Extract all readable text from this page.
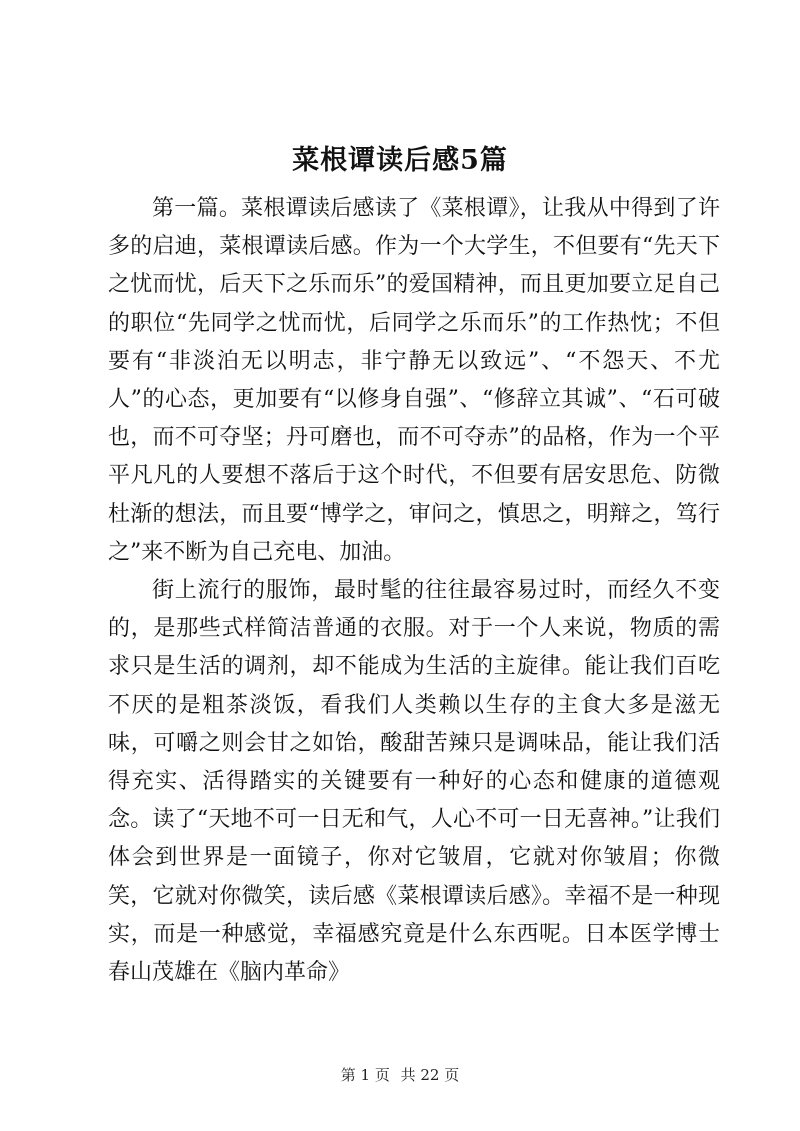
菜根谭读后感5篇

第一篇。菜根谭读后感读了《菜根谭》，让我从中得到了许多的启迪，菜根谭读后感。作为一个大学生，不但要有“先天下之忧而忧，后天下之乐而乐”的爱国精神，而且更加要立足自己的职位“先同学之忧而忧，后同学之乐而乐”的工作热忱；不但要有“非淡泊无以明志，非宁静无以致远”、“不怨天、不尤人”的心态，更加要有“以修身自强”、“修辞立其诚”、“石可破也，而不可夺坚；丹可磨也，而不可夺赤”的品格，作为一个平平凡凡的人要想不落后于这个时代，不但要有居安思危、防微杜渐的想法，而且要“博学之，审问之，慎思之，明辩之，笃行之”来不断为自己充电、加油。

街上流行的服饰，最时髦的往往最容易过时，而经久不变的，是那些式样简洁普通的衣服。对于一个人来说，物质的需求只是生活的调剂，却不能成为生活的主旋律。能让我们百吃不厌的是粗茶淡饭，看我们人类赖以生存的主食大多是滋无味，可嚼之则会甘之如饴，酸甜苦辣只是调味品，能让我们活得充实、活得踏实的关键要有一种好的心态和健康的道德观念。读了“天地不可一日无和气，人心不可一日无喜神。”让我们体会到世界是一面镜子，你对它皱眉，它就对你皱眉；你微笑，它就对你微笑，读后感《菜根谭读后感》。幸福不是一种现实，而是一种感觉，幸福感究竟是什么东西呢。日本医学博士春山茂雄在《脑内革命》

第 1 页 共 22 页
